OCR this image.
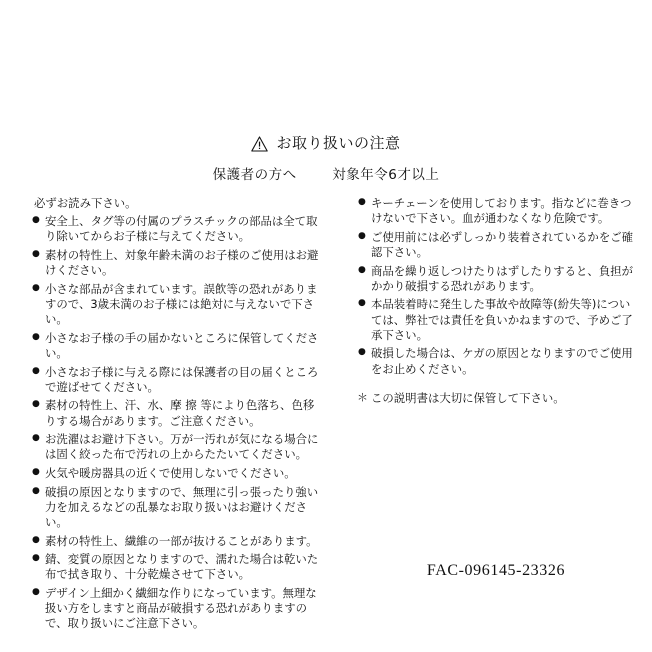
お取り扱いの注意
保護者の方へ	対象年令6才以上

必ずお読み下さい。

● 安全上、タグ等の付属のプラスチックの部品は全て取り除いてからお子様に与えてください。
● 素材の特性上、対象年齢未満のお子様のご使用はお避けください。
● 小さな部品が含まれています。誤飲等の恐れがありますので、3歳未満のお子様には絶対に与えないで下さい。
● 小さなお子様の手の届かないところに保管してください。
● 小さなお子様に与える際には保護者の目の届くところで遊ばせてください。
● 素材の特性上、汗、水、摩 擦 等により色落ち、色移りする場合があります。ご注意ください。
● お洗濯はお避け下さい。万が一汚れが気になる場合には固く絞った布で汚れの上からたたいてください。
● 火気や暖房器具の近くで使用しないでください。
● 破損の原因となりますので、無理に引っ張ったり強い力を加えるなどの乱暴なお取り扱いはお避けください。
● 素材の特性上、繊維の一部が抜けることがあります。
● 錆、変質の原因となりますので、濡れた場合は乾いた布で拭き取り、十分乾燥させて下さい。
● デザイン上細かく繊細な作りになっています。無理な扱い方をしますと商品が破損する恐れがありますので、取り扱いにご注意下さい。
● キーチェーンを使用しております。指などに巻きつけないで下さい。血が通わなくなり危険です。
● ご使用前には必ずしっかり装着されているかをご確認下さい。
● 商品を繰り返しつけたりはずしたりすると、負担がかかり破損する恐れがあります。
● 本品装着時に発生した事故や故障等(紛失等)については、弊社では責任を負いかねますので、予めご了承下さい。
● 破損した場合は、ケガの原因となりますのでご使用をお止めください。

＊ この説明書は大切に保管して下さい。

FAC-096145-23326
